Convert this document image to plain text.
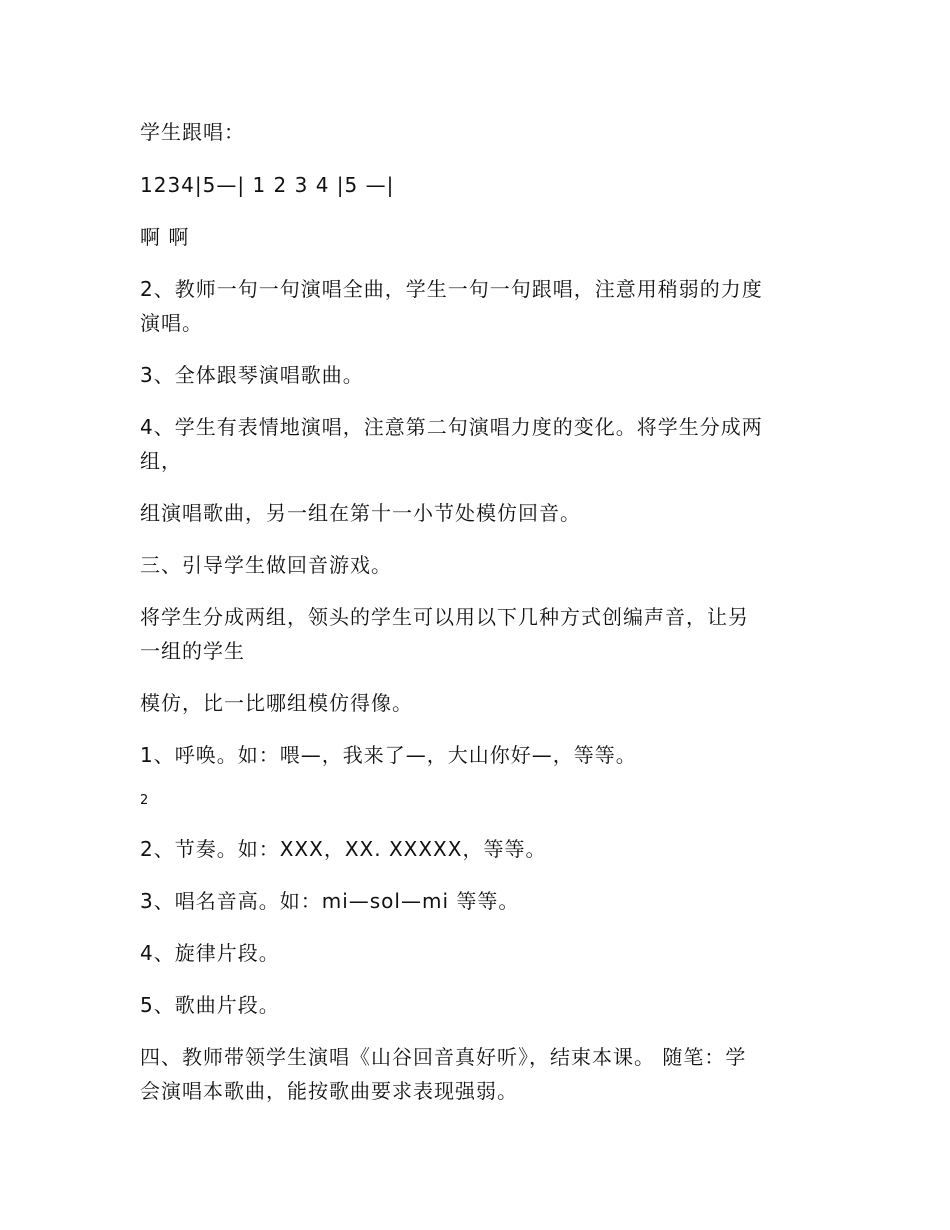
学生跟唱：
1234|5—| 1 2 3 4 |5 —|
啊 啊
2、教师一句一句演唱全曲，学生一句一句跟唱，注意用稍弱的力度
演唱。
3、全体跟琴演唱歌曲。
4、学生有表情地演唱，注意第二句演唱力度的变化。将学生分成两
组，
组演唱歌曲，另一组在第十一小节处模仿回音。
三、引导学生做回音游戏。
将学生分成两组，领头的学生可以用以下几种方式创编声音，让另
一组的学生
模仿，比一比哪组模仿得像。
1、呼唤。如：喂—，我来了—，大山你好—，等等。
2
2、节奏。如：XXX，XX. XXXXX，等等。
3、唱名音高。如：mi—sol—mi 等等。
4、旋律片段。
5、歌曲片段。
四、教师带领学生演唱《山谷回音真好听》，结束本课。 随笔：学
会演唱本歌曲，能按歌曲要求表现强弱。
